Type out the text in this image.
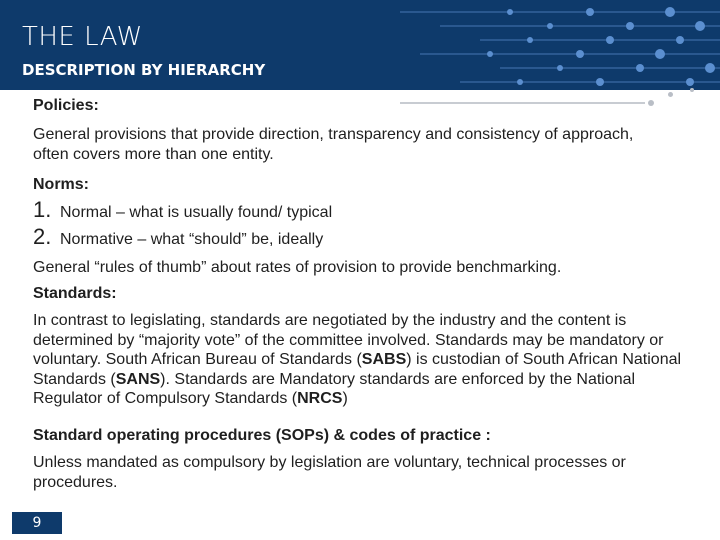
THE LAW
DESCRIPTION BY HIERARCHY

Policies:

General provisions that provide direction, transparency and consistency of approach, often covers more than one entity.

Norms:

1. Normal – what is usually found/ typical
2. Normative – what “should” be, ideally

General “rules of thumb” about rates of provision to provide benchmarking.

Standards:

In contrast to legislating, standards are negotiated by the industry and the content is determined by “majority vote” of the committee involved. Standards may be mandatory or voluntary. South African Bureau of Standards (SABS) is custodian of South African National Standards (SANS). Standards are Mandatory standards are enforced by the National Regulator of Compulsory Standards (NRCS)

Standard operating procedures (SOPs) & codes of practice :

Unless mandated as compulsory by legislation are voluntary, technical processes or procedures.

9
